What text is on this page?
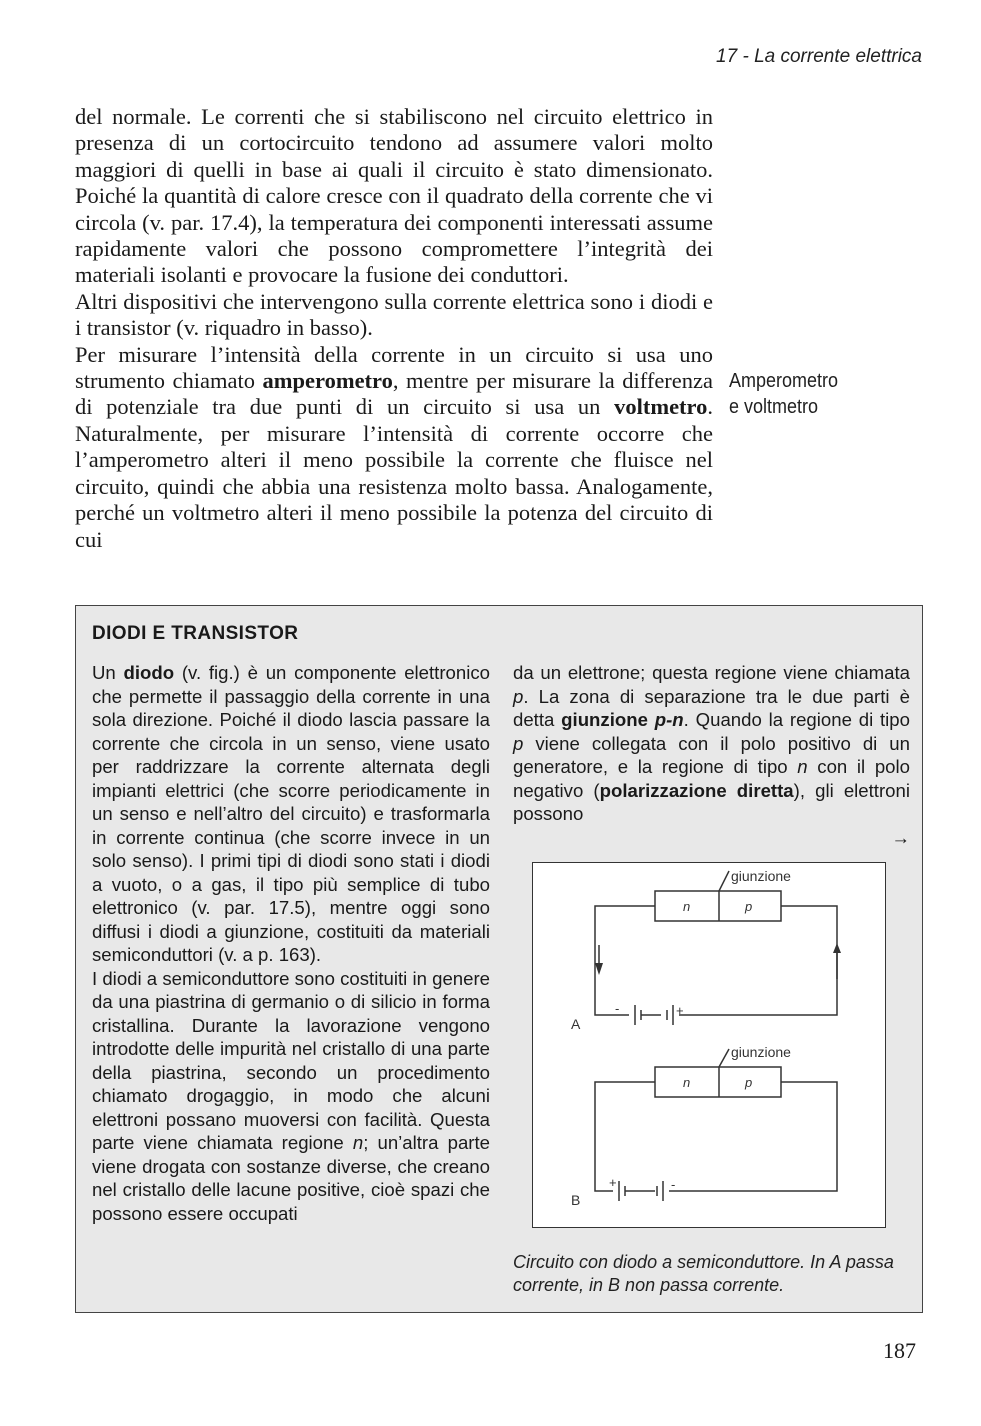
17 - La corrente elettrica

del normale. Le correnti che si stabiliscono nel circuito elettrico in presenza di un cortocircuito tendono ad assumere valori molto maggiori di quelli in base ai quali il circuito è stato dimensionato. Poiché la quantità di calore cresce con il quadrato della corrente che vi circola (v. par. 17.4), la temperatura dei componenti interessati assume rapidamente valori che possono compromettere l’integrità dei materiali isolanti e provocare la fusione dei conduttori.

Altri dispositivi che intervengono sulla corrente elettrica sono i diodi e i transistor (v. riquadro in basso).

Per misurare l’intensità della corrente in un circuito si usa uno strumento chiamato amperometro, mentre per misurare la differenza di potenziale tra due punti di un circuito si usa un voltmetro. Naturalmente, per misurare l’intensità di corrente occorre che l’amperometro alteri il meno possibile la corrente che fluisce nel circuito, quindi che abbia una resistenza molto bassa. Analogamente, perché un voltmetro alteri il meno possibile la potenza del circuito di cui

Amperometro
e voltmetro
DIODI E TRANSISTOR

Un diodo (v. fig.) è un componente elettronico che permette il passaggio della corrente in una sola direzione. Poiché il diodo lascia passare la corrente che circola in un senso, viene usato per raddrizzare la corrente alternata degli impianti elettrici (che scorre periodicamente in un senso e nell’altro del circuito) e trasformarla in corrente continua (che scorre invece in un solo senso). I primi tipi di diodi sono stati i diodi a vuoto, o a gas, il tipo più semplice di tubo elettronico (v. par. 17.5), mentre oggi sono diffusi i diodi a giunzione, costituiti da materiali semiconduttori (v. a p. 163).

I diodi a semiconduttore sono costituiti in genere da una piastrina di germanio o di silicio in forma cristallina. Durante la lavorazione vengono introdotte delle impurità nel cristallo di una parte della piastrina, secondo un procedimento chiamato drogaggio, in modo che alcuni elettroni possano muoversi con facilità. Questa parte viene chiamata regione n; un’altra parte viene drogata con sostanze diverse, che creano nel cristallo delle lacune positive, cioè spazi che possono essere occupati

da un elettrone; questa regione viene chiamata p. La zona di separazione tra le due parti è detta giunzione p-n. Quando la regione di tipo p viene collegata con il polo positivo di un generatore, e la regione di tipo n con il polo negativo (polarizzazione diretta), gli elettroni possono

→
giunzione
n	p
A
-	+
giunzione
n	p
B
+	-
Circuito con diodo a semiconduttore. In A passa corrente, in B non passa corrente.
187
